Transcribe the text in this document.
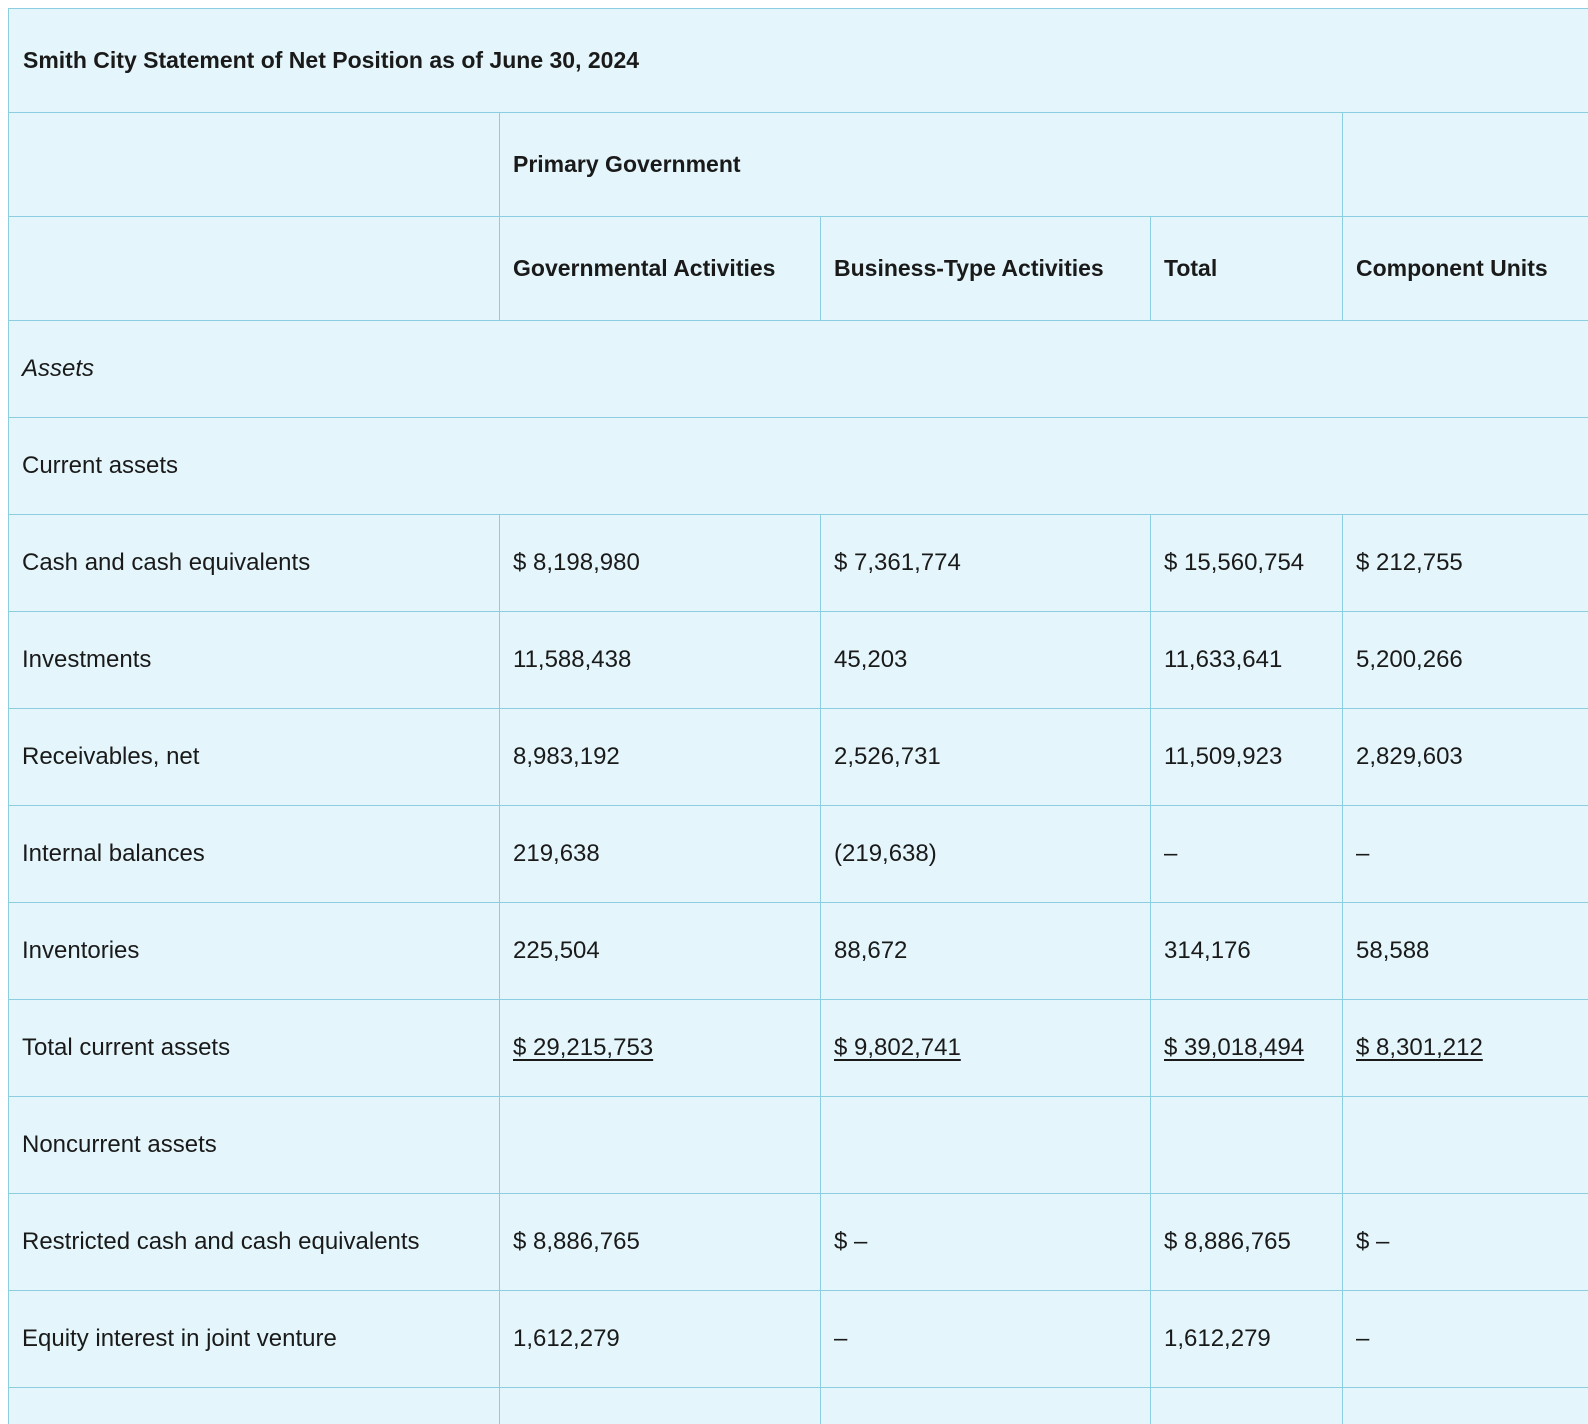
Smith City Statement of Net Position as of June 30, 2024				
	Primary Government			
	Governmental Activities	Business-Type Activities	Total	Component Units
Assets				
Current assets				
Cash and cash equivalents	$ 8,198,980	$ 7,361,774	$ 15,560,754	$ 212,755
Investments	11,588,438	45,203	11,633,641	5,200,266
Receivables, net	8,983,192	2,526,731	11,509,923	2,829,603
Internal balances	219,638	(219,638)	–	–
Inventories	225,504	88,672	314,176	58,588
Total current assets	$ 29,215,753	$ 9,802,741	$ 39,018,494	$ 8,301,212
Noncurrent assets				
Restricted cash and cash equivalents	$ 8,886,765	$ –	$ 8,886,765	$ –
Equity interest in joint venture	1,612,279	–	1,612,279	–
